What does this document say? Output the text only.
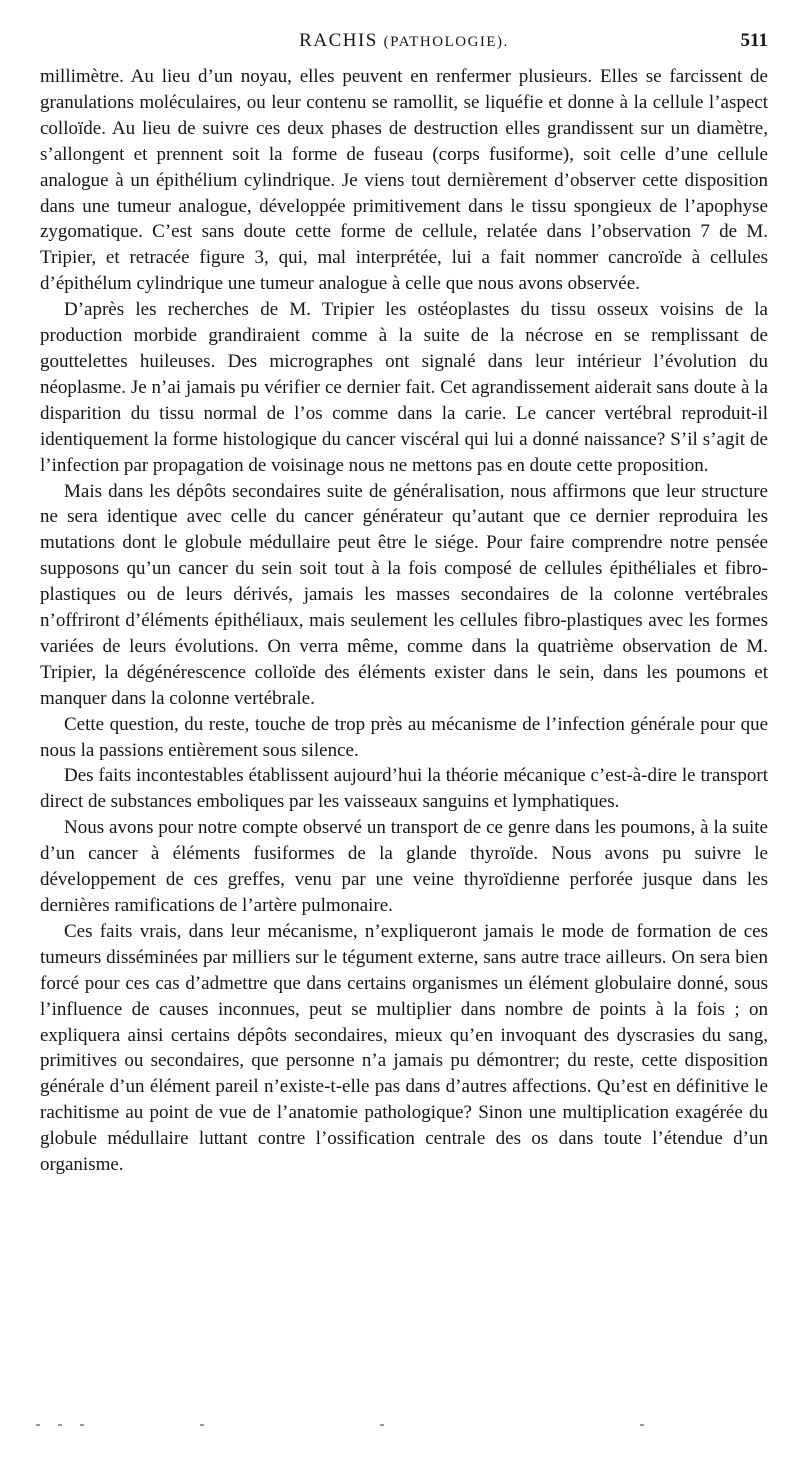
RACHIS (PATHOLOGIE).	511

millimètre. Au lieu d’un noyau, elles peuvent en renfermer plusieurs. Elles se farcissent de granulations moléculaires, ou leur contenu se ramollit, se liquéfie et donne à la cellule l’aspect colloïde. Au lieu de suivre ces deux phases de destruction elles grandissent sur un diamètre, s’allongent et prennent soit la forme de fuseau (corps fusiforme), soit celle d’une cellule analogue à un épithélium cylindrique. Je viens tout dernièrement d’observer cette disposition dans une tumeur analogue, développée primitivement dans le tissu spongieux de l’apophyse zygomatique. C’est sans doute cette forme de cellule, relatée dans l’observation 7 de M. Tripier, et retracée figure 3, qui, mal interprétée, lui a fait nommer cancroïde à cellules d’épithélum cylindrique une tumeur analogue à celle que nous avons observée.

D’après les recherches de M. Tripier les ostéoplastes du tissu osseux voisins de la production morbide grandiraient comme à la suite de la nécrose en se remplissant de gouttelettes huileuses. Des micrographes ont signalé dans leur intérieur l’évolution du néoplasme. Je n’ai jamais pu vérifier ce dernier fait. Cet agrandissement aiderait sans doute à la disparition du tissu normal de l’os comme dans la carie. Le cancer vertébral reproduit-il identiquement la forme histologique du cancer viscéral qui lui a donné naissance? S’il s’agit de l’infection par propagation de voisinage nous ne mettons pas en doute cette proposition.

Mais dans les dépôts secondaires suite de généralisation, nous affirmons que leur structure ne sera identique avec celle du cancer générateur qu’autant que ce dernier reproduira les mutations dont le globule médullaire peut être le siége. Pour faire comprendre notre pensée supposons qu’un cancer du sein soit tout à la fois composé de cellules épithéliales et fibro-plastiques ou de leurs dérivés, jamais les masses secondaires de la colonne vertébrales n’offriront d’éléments épithéliaux, mais seulement les cellules fibro-plastiques avec les formes variées de leurs évolutions. On verra même, comme dans la quatrième observation de M. Tripier, la dégénérescence colloïde des éléments exister dans le sein, dans les poumons et manquer dans la colonne vertébrale.

Cette question, du reste, touche de trop près au mécanisme de l’infection générale pour que nous la passions entièrement sous silence.

Des faits incontestables établissent aujourd’hui la théorie mécanique c’est-à-dire le transport direct de substances emboliques par les vaisseaux sanguins et lymphatiques.

Nous avons pour notre compte observé un transport de ce genre dans les poumons, à la suite d’un cancer à éléments fusiformes de la glande thyroïde. Nous avons pu suivre le développement de ces greffes, venu par une veine thyroïdienne perforée jusque dans les dernières ramifications de l’artère pulmonaire.

Ces faits vrais, dans leur mécanisme, n’expliqueront jamais le mode de formation de ces tumeurs disséminées par milliers sur le tégument externe, sans autre trace ailleurs. On sera bien forcé pour ces cas d’admettre que dans certains organismes un élément globulaire donné, sous l’influence de causes inconnues, peut se multiplier dans nombre de points à la fois ; on expliquera ainsi certains dépôts secondaires, mieux qu’en invoquant des dyscrasies du sang, primitives ou secondaires, que personne n’a jamais pu démontrer; du reste, cette disposition générale d’un élément pareil n’existe-t-elle pas dans d’autres affections. Qu’est en définitive le rachitisme au point de vue de l’anatomie pathologique? Sinon une multiplication exagérée du globule médullaire luttant contre l’ossification centrale des os dans toute l’étendue d’un organisme.
